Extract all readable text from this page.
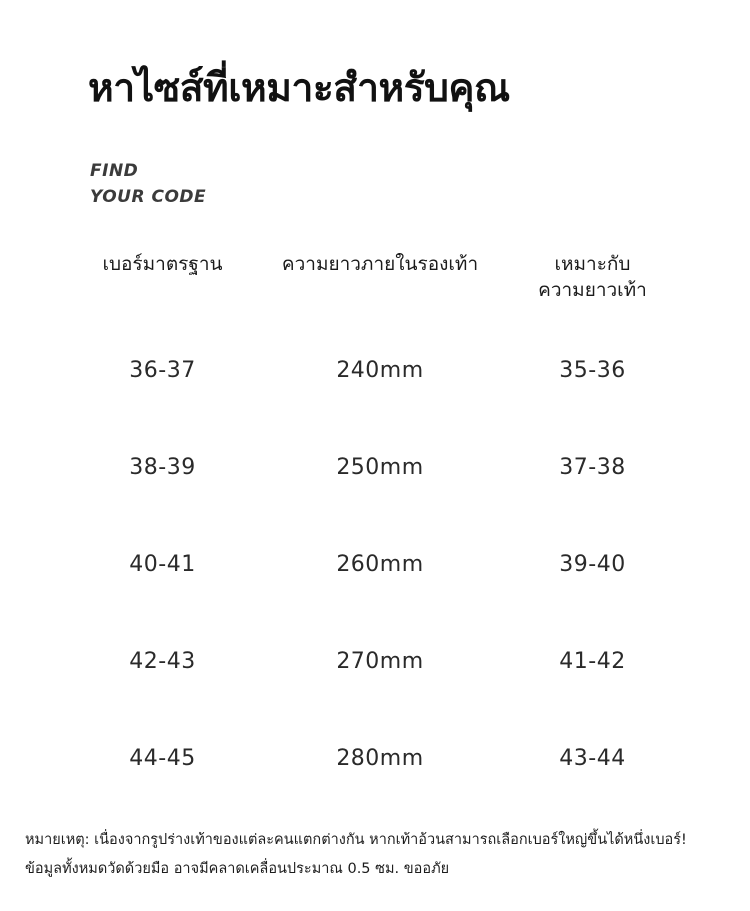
หาไซส์ที่เหมาะสำหรับคุณ
FIND
YOUR CODE
เบอร์มาตรฐาน	ความยาวภายในรองเท้า	เหมาะกับ
ความยาวเท้า
36-37	240mm	35-36
38-39	250mm	37-38
40-41	260mm	39-40
42-43	270mm	41-42
44-45	280mm	43-44
หมายเหตุ: เนื่องจากรูปร่างเท้าของแต่ละคนแตกต่างกัน หากเท้าอ้วนสามารถเลือกเบอร์ใหญ่ขึ้นได้หนึ่งเบอร์!
ข้อมูลทั้งหมดวัดด้วยมือ อาจมีคลาดเคลื่อนประมาณ 0.5 ซม. ขออภัย
